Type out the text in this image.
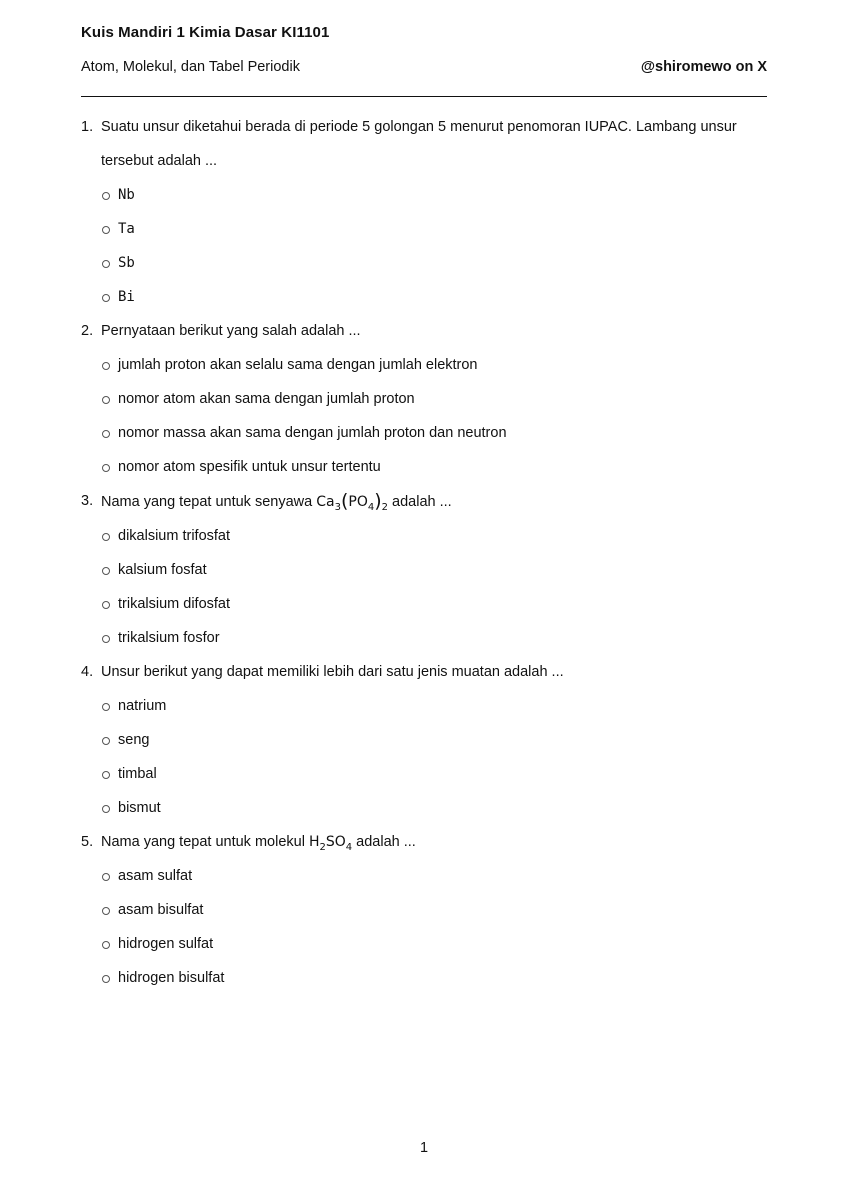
Kuis Mandiri 1 Kimia Dasar KI1101
Atom, Molekul, dan Tabel Periodik	@shiromewo on X
1. Suatu unsur diketahui berada di periode 5 golongan 5 menurut penomoran IUPAC. Lambang unsur tersebut adalah ...
Nb
Ta
Sb
Bi
2. Pernyataan berikut yang salah adalah ...
jumlah proton akan selalu sama dengan jumlah elektron
nomor atom akan sama dengan jumlah proton
nomor massa akan sama dengan jumlah proton dan neutron
nomor atom spesifik untuk unsur tertentu
3. Nama yang tepat untuk senyawa $Ca_3(PO_4)_2$ adalah ...
dikalsium trifosfat
kalsium fosfat
trikalsium difosfat
trikalsium fosfor
4. Unsur berikut yang dapat memiliki lebih dari satu jenis muatan adalah ...
natrium
seng
timbal
bismut
5. Nama yang tepat untuk molekul $H_2SO_4$ adalah ...
asam sulfat
asam bisulfat
hidrogen sulfat
hidrogen bisulfat
1
